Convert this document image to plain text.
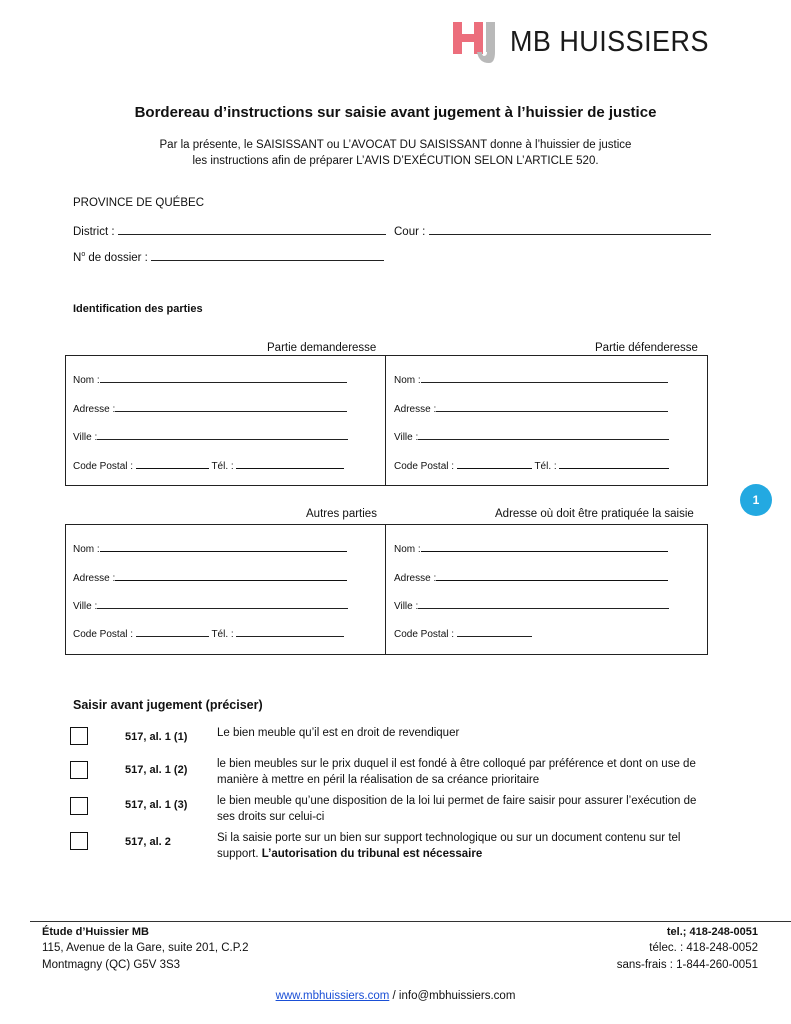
MB HUISSIERS
Bordereau d’instructions sur saisie avant jugement à l’huissier de justice
Par la présente, le SAISISSANT ou L’AVOCAT DU SAISISSANT donne à l’huissier de justice
les instructions afin de préparer L’AVIS D’EXÉCUTION SELON L’ARTICLE 520.
PROVINCE DE QUÉBEC
District :	Cour :
$N^o$ de dossier :
Identification des parties
Partie demanderesse	Partie défenderesse
Nom :
Adresse :
Ville :
Code Postal :	Tél. :
Nom :
Adresse :
Ville :
Code Postal :	Tél. :
1
Autres parties	Adresse où doit être pratiquée la saisie
Nom :
Adresse :
Ville :
Code Postal :	Tél. :
Nom :
Adresse :
Ville :
Code Postal :
Saisir avant jugement (préciser)
517, al. 1 (1)	Le bien meuble qu’il est en droit de revendiquer
517, al. 1 (2)	le bien meubles sur le prix duquel il est fondé à être colloqué par préférence et dont on use de manière à mettre en péril la réalisation de sa créance prioritaire
517, al. 1 (3)	le bien meuble qu’une disposition de la loi lui permet de faire saisir pour assurer l’exécution de ses droits sur celui-ci
517, al. 2	Si la saisie porte sur un bien sur support technologique ou sur un document contenu sur tel support. L’autorisation du tribunal est nécessaire
Étude d’Huissier MB
115, Avenue de la Gare, suite 201, C.P.2
Montmagny (QC) G5V 3S3
tel.; 418-248-0051
télec. : 418-248-0052
sans-frais : 1-844-260-0051
www.mbhuissiers.com / info@mbhuissiers.com
